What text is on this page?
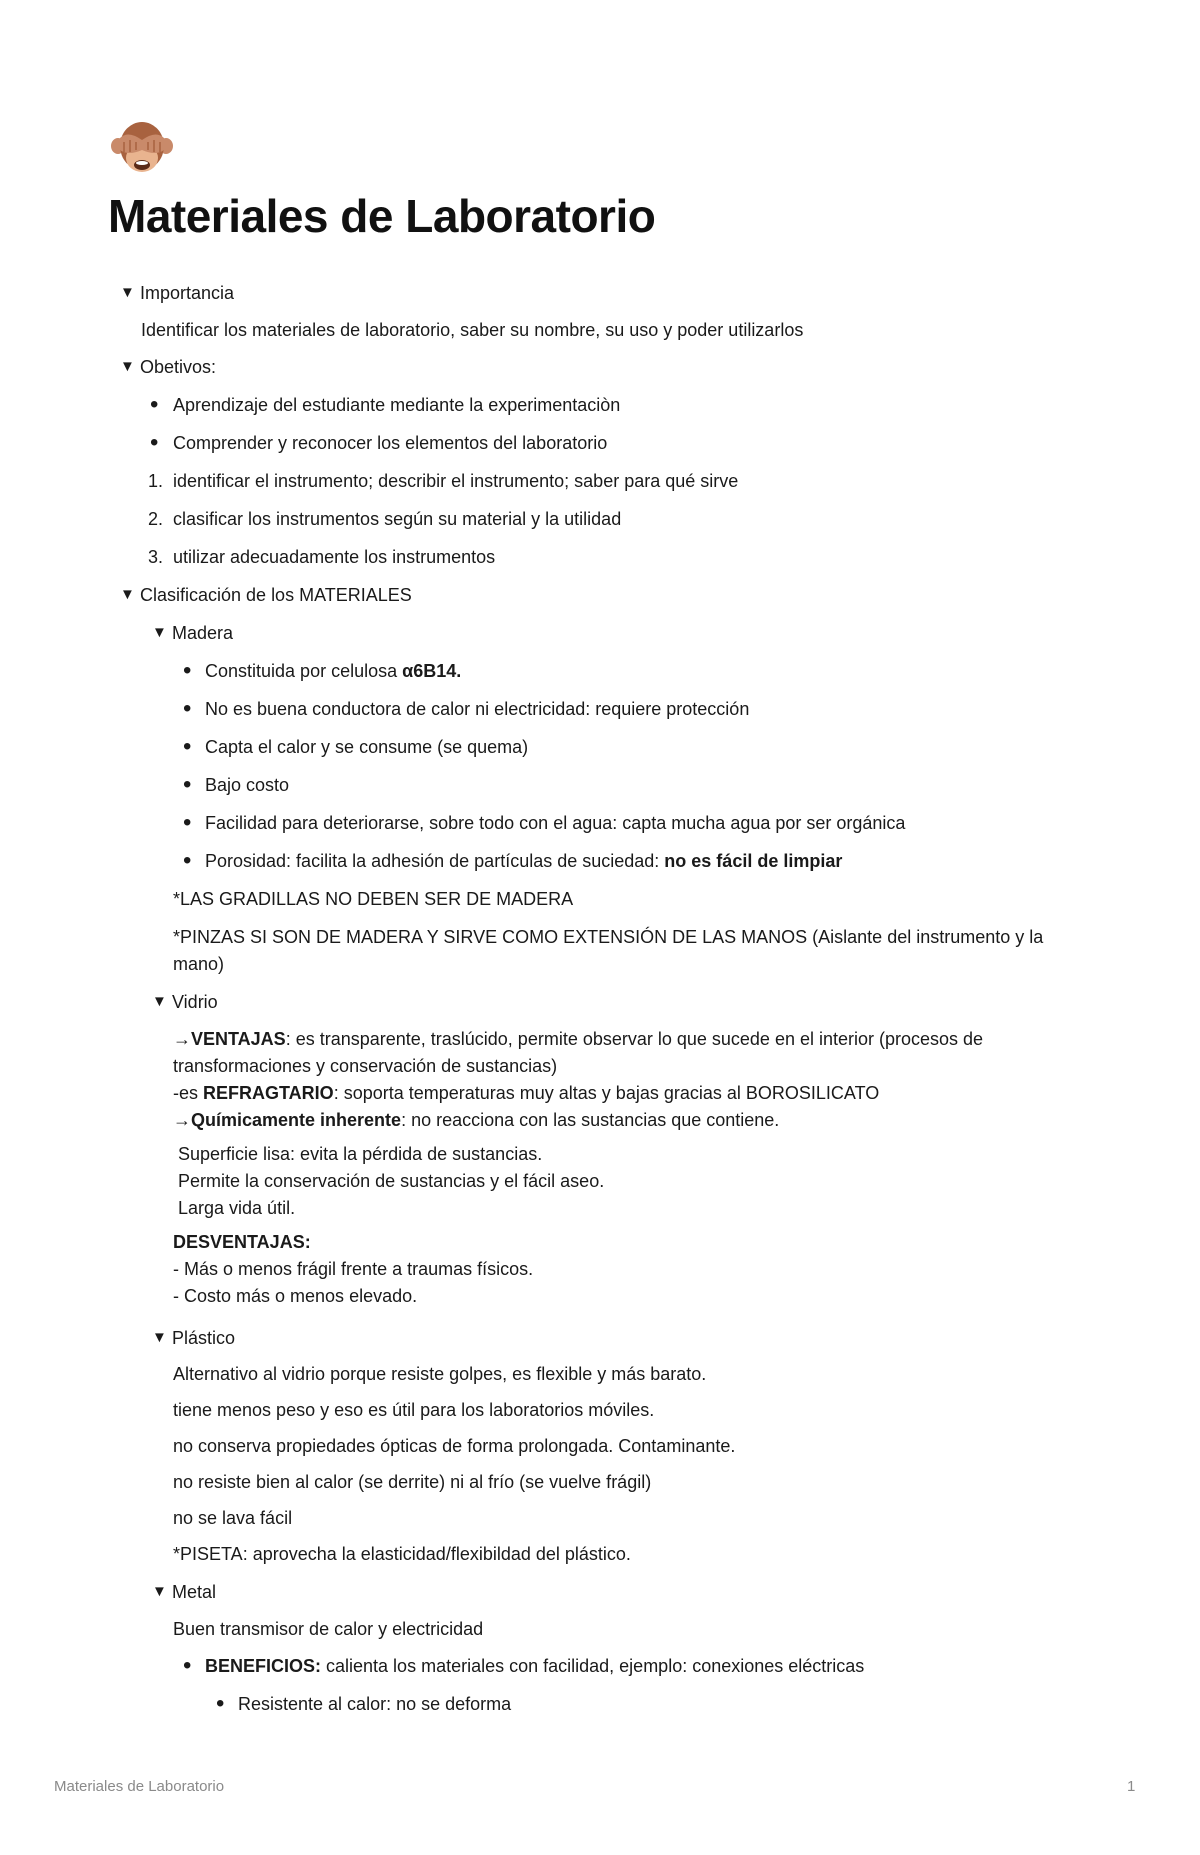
Materiales de Laboratorio
▼ Importancia
Identificar los materiales de laboratorio, saber su nombre, su uso y poder utilizarlos
▼ Obetivos:
• Aprendizaje del estudiante mediante la experimentaciòn
• Comprender y reconocer los elementos del laboratorio
1. identificar el instrumento; describir el instrumento; saber para qué sirve
2. clasificar los instrumentos según su material y la utilidad
3. utilizar adecuadamente los instrumentos
▼ Clasificación de los MATERIALES
▼ Madera
• Constituida por celulosa α6B14.
• No es buena conductora de calor ni electricidad: requiere protección
• Capta el calor y se consume (se quema)
• Bajo costo
• Facilidad para deteriorarse, sobre todo con el agua: capta mucha agua por ser orgánica
• Porosidad: facilita la adhesión de partículas de suciedad: no es fácil de limpiar
*LAS GRADILLAS NO DEBEN SER DE MADERA
*PINZAS SI SON DE MADERA Y SIRVE COMO EXTENSIÓN DE LAS MANOS (Aislante del instrumento y la
mano)
▼ Vidrio
→VENTAJAS: es transparente, traslúcido, permite observar lo que sucede en el interior (procesos de
transformaciones y conservación de sustancias)
-es REFRAGTARIO: soporta temperaturas muy altas y bajas gracias al BOROSILICATO
→Químicamente inherente: no reacciona con las sustancias que contiene.
Superficie lisa: evita la pérdida de sustancias.
Permite la conservación de sustancias y el fácil aseo.
Larga vida útil.
DESVENTAJAS:
- Más o menos frágil frente a traumas físicos.
- Costo más o menos elevado.
▼ Plástico
Alternativo al vidrio porque resiste golpes, es flexible y más barato.
tiene menos peso y eso es útil para los laboratorios móviles.
no conserva propiedades ópticas de forma prolongada. Contaminante.
no resiste bien al calor (se derrite) ni al frío (se vuelve frágil)
no se lava fácil
*PISETA: aprovecha la elasticidad/flexibildad del plástico.
▼ Metal
Buen transmisor de calor y electricidad
• BENEFICIOS: calienta los materiales con facilidad, ejemplo: conexiones eléctricas
• Resistente al calor: no se deforma
Materiales de Laboratorio	1
